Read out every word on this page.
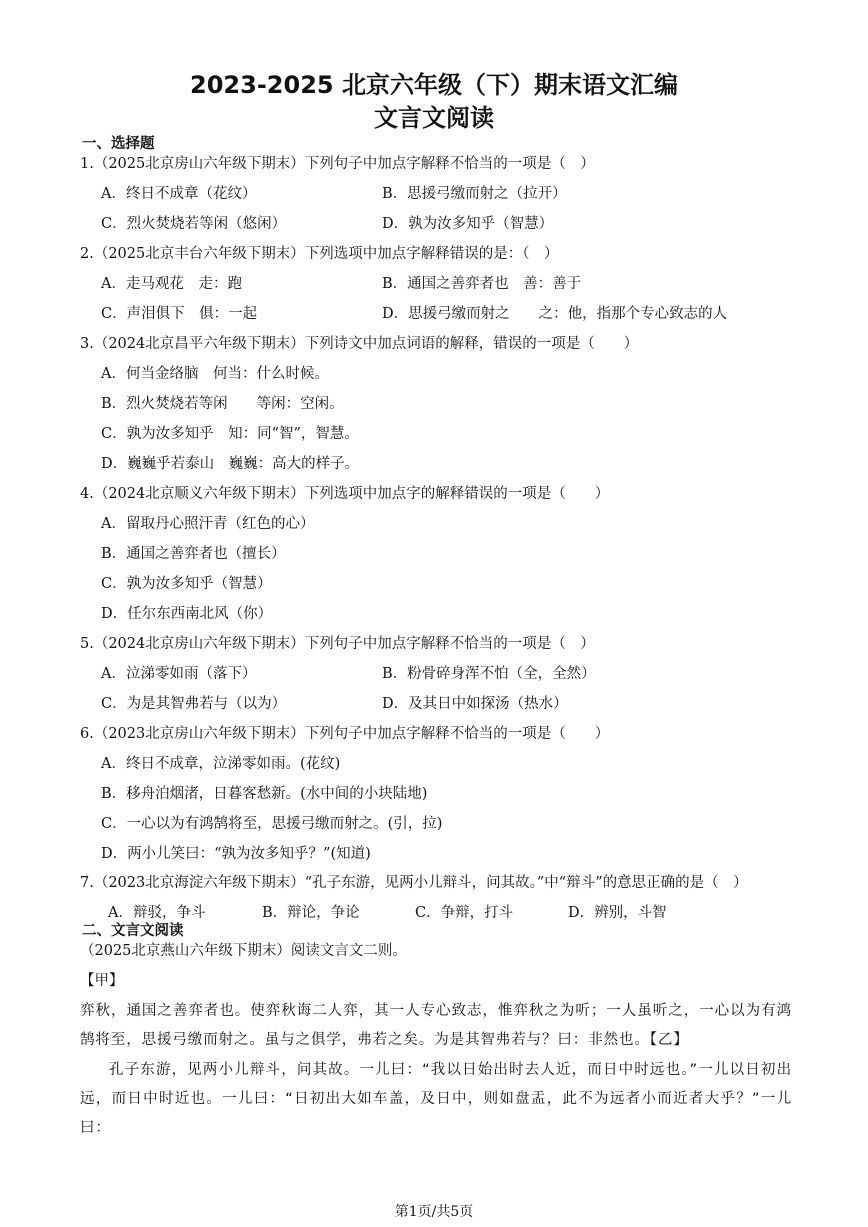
2023-2025 北京六年级（下）期末语文汇编
文言文阅读
一、选择题
1.（2025北京房山六年级下期末）下列句子中加点字解释不恰当的一项是（　）
A．终日不成章（花纹）	B．思援弓缴而射之（拉开）
C．烈火焚烧若等闲（悠闲）	D．孰为汝多知乎（智慧）
2.（2025北京丰台六年级下期末）下列选项中加点字解释错误的是：（　）
A．走马观花　走：跑	B．通国之善弈者也　善：善于
C．声泪俱下　俱：一起	D．思援弓缴而射之　　之：他，指那个专心致志的人
3.（2024北京昌平六年级下期末）下列诗文中加点词语的解释，错误的一项是（　　）
A．何当金络脑　何当：什么时候。
B．烈火焚烧若等闲　　等闲：空闲。
C．孰为汝多知乎　知：同“智”，智慧。
D．巍巍乎若泰山　巍巍：高大的样子。
4.（2024北京顺义六年级下期末）下列选项中加点字的解释错误的一项是（　　）
A．留取丹心照汗青（红色的心）
B．通国之善弈者也（擅长）
C．孰为汝多知乎（智慧）
D．任尔东西南北风（你）
5.（2024北京房山六年级下期末）下列句子中加点字解释不恰当的一项是（　）
A．泣涕零如雨（落下）	B．粉骨碎身浑不怕（全，全然）
C．为是其智弗若与（以为）	D．及其日中如探汤（热水）
6.（2023北京房山六年级下期末）下列句子中加点字解释不恰当的一项是（　　）
A．终日不成章，泣涕零如雨。(花纹)
B．移舟泊烟渚，日暮客愁新。(水中间的小块陆地)
C．一心以为有鸿鹄将至，思援弓缴而射之。(引，拉)
D．两小儿笑曰：“孰为汝多知乎？”(知道)
7.（2023北京海淀六年级下期末）“孔子东游，见两小儿辩斗，问其故。”中“辩斗”的意思正确的是（　）
A．辩驳，争斗	B．辩论，争论	C．争辩，打斗	D．辨别，斗智
二、文言文阅读
（2025北京燕山六年级下期末）阅读文言文二则。
【甲】
弈秋，通国之善弈者也。使弈秋诲二人弈，其一人专心致志，惟弈秋之为听；一人虽听之，一心以为有鸿鹄将至，思援弓缴而射之。虽与之俱学，弗若之矣。为是其智弗若与？曰：非然也。【乙】
孔子东游，见两小儿辩斗，问其故。一儿曰：“我以日始出时去人近，而日中时远也。”一儿以日初出远，而日中时近也。一儿曰：“日初出大如车盖，及日中，则如盘盂，此不为远者小而近者大乎？”一儿曰：
第1页/共5页
